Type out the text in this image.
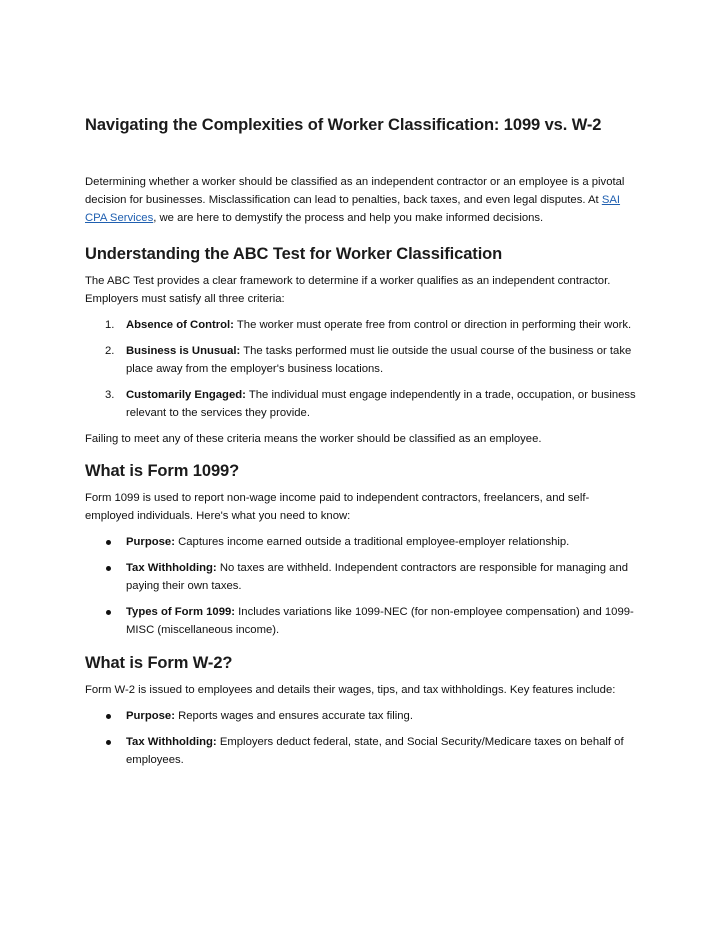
Navigating the Complexities of Worker Classification: 1099 vs. W-2

Determining whether a worker should be classified as an independent contractor or an employee is a pivotal decision for businesses. Misclassification can lead to penalties, back taxes, and even legal disputes. At SAI CPA Services, we are here to demystify the process and help you make informed decisions.

Understanding the ABC Test for Worker Classification

The ABC Test provides a clear framework to determine if a worker qualifies as an independent contractor. Employers must satisfy all three criteria:

1.	Absence of Control: The worker must operate free from control or direction in performing their work.
2.	Business is Unusual: The tasks performed must lie outside the usual course of the business or take place away from the employer's business locations.
3.	Customarily Engaged: The individual must engage independently in a trade, occupation, or business relevant to the services they provide.

Failing to meet any of these criteria means the worker should be classified as an employee.

What is Form 1099?

Form 1099 is used to report non-wage income paid to independent contractors, freelancers, and self-employed individuals. Here's what you need to know:

Purpose: Captures income earned outside a traditional employee-employer relationship.
Tax Withholding: No taxes are withheld. Independent contractors are responsible for managing and paying their own taxes.
Types of Form 1099: Includes variations like 1099-NEC (for non-employee compensation) and 1099-MISC (miscellaneous income).
What is Form W-2?

Form W-2 is issued to employees and details their wages, tips, and tax withholdings. Key features include:

Purpose: Reports wages and ensures accurate tax filing.
Tax Withholding: Employers deduct federal, state, and Social Security/Medicare taxes on behalf of employees.
